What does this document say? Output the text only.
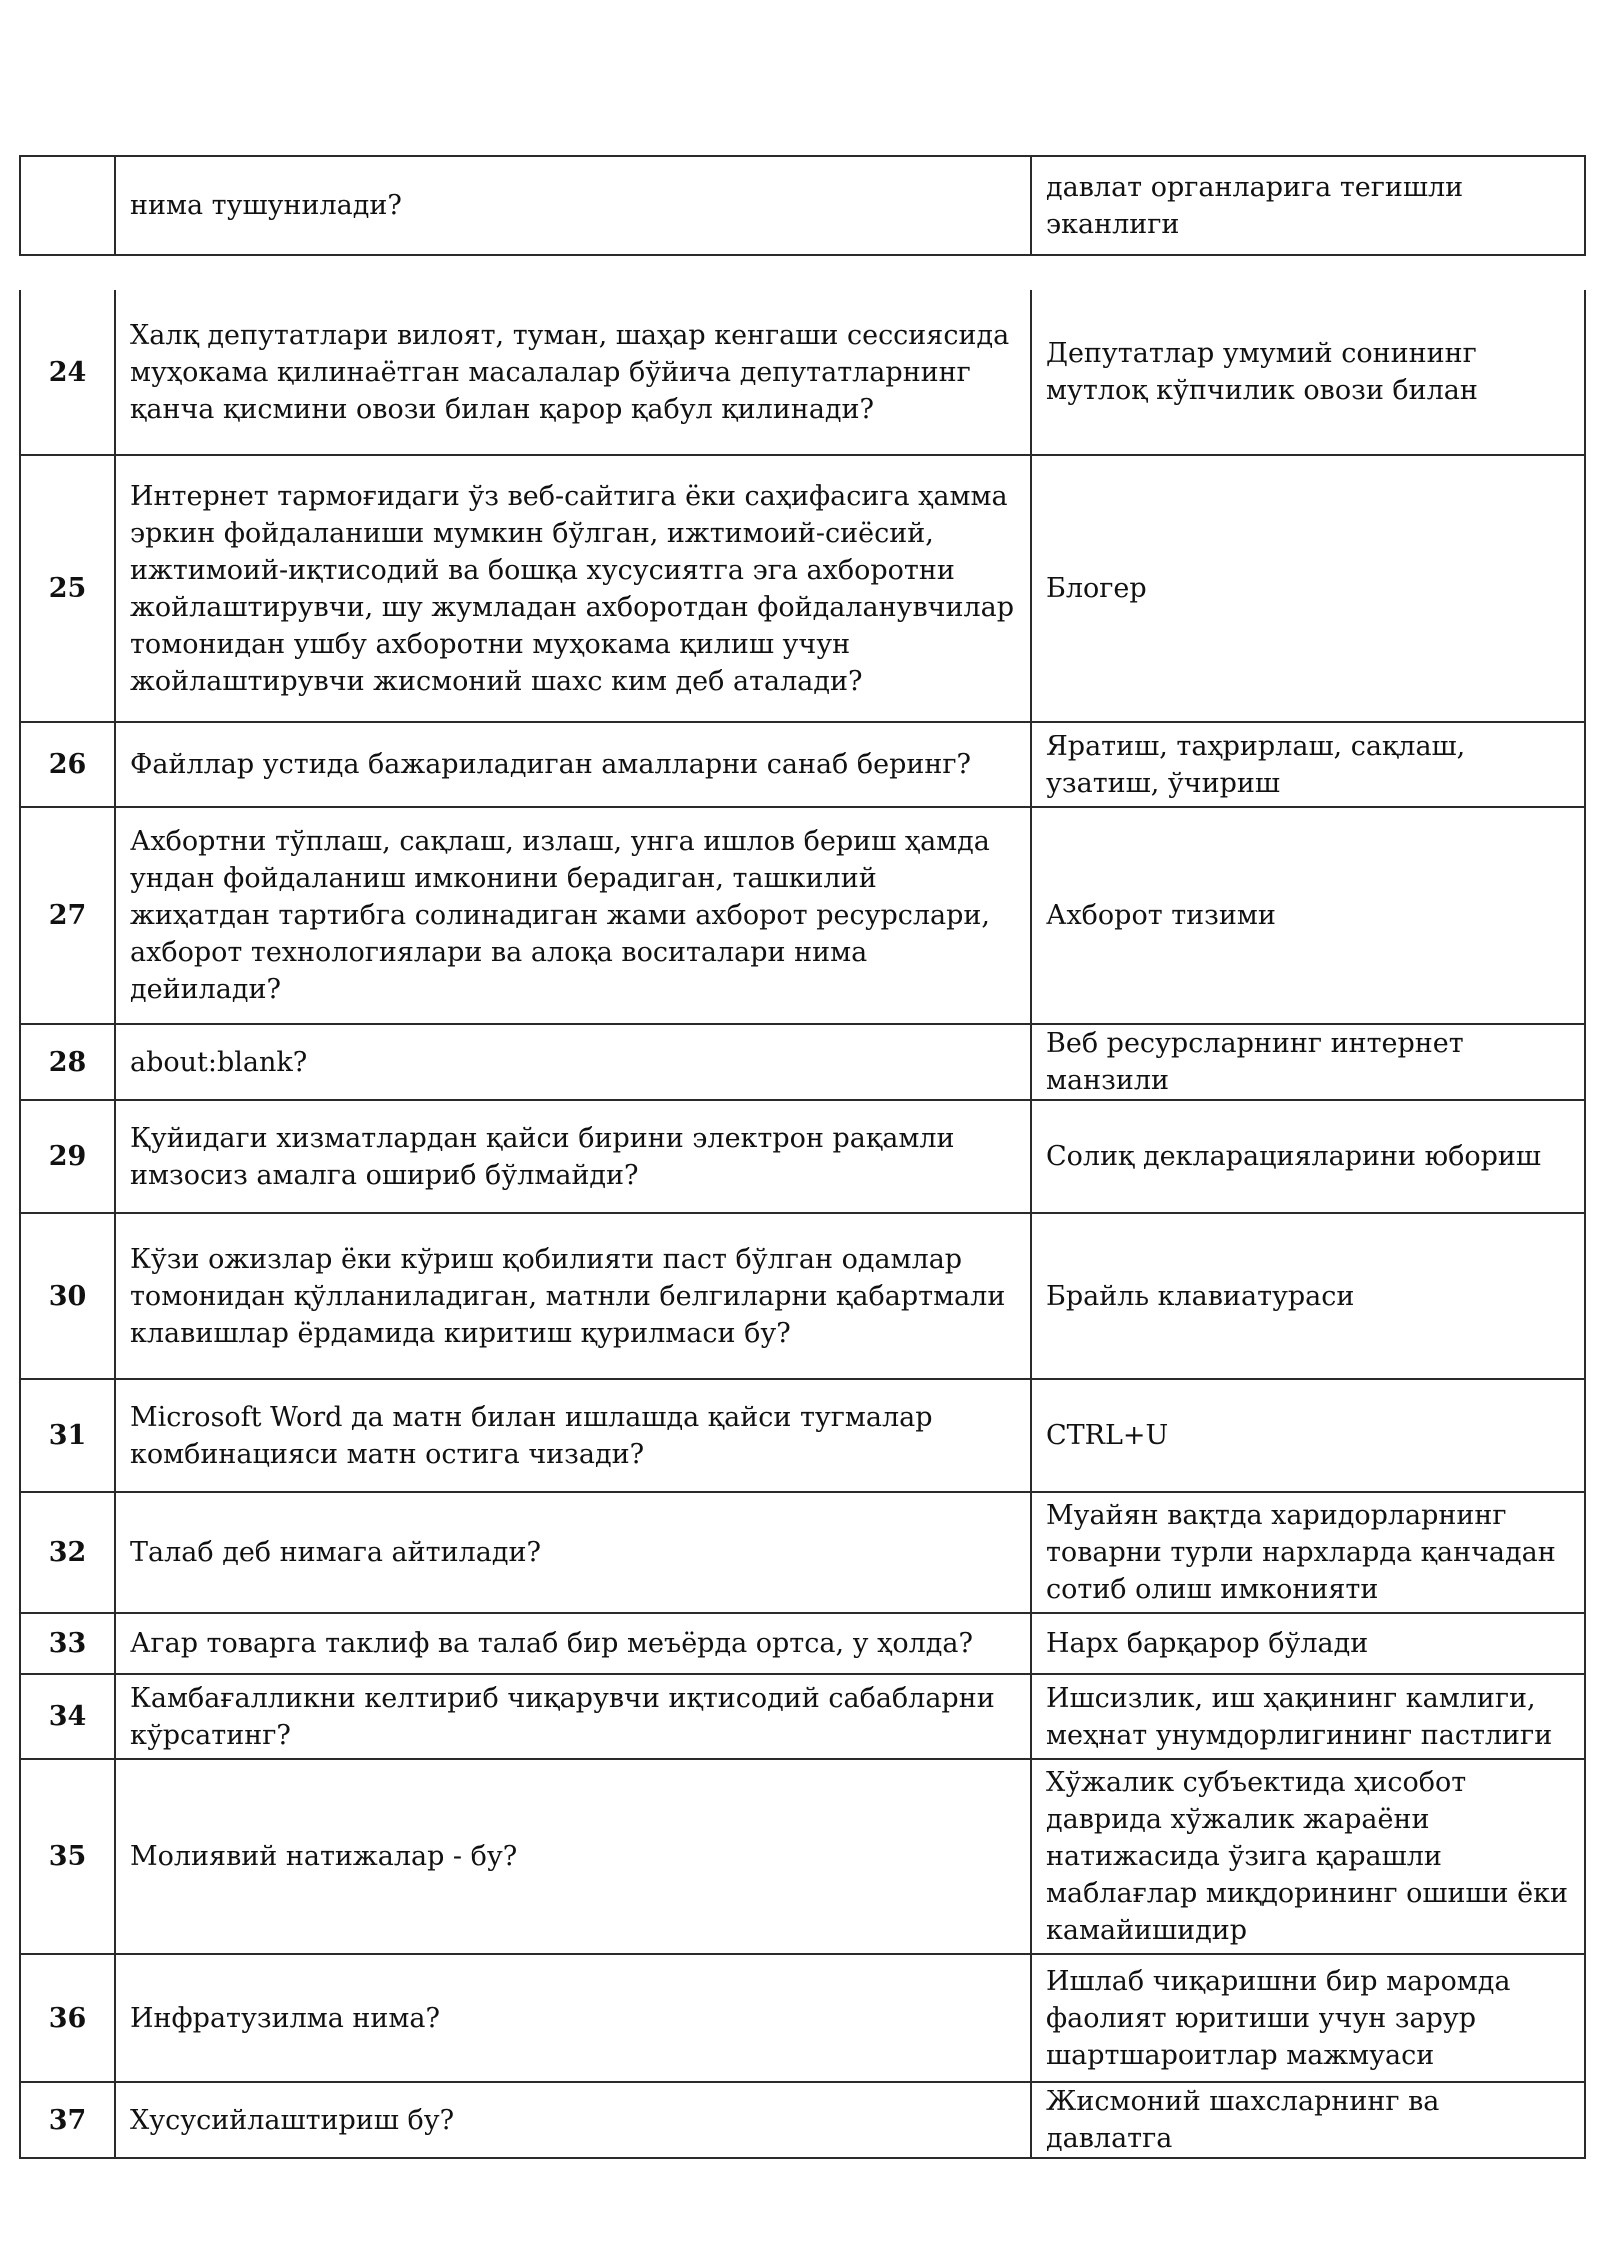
	нима тушунилади?	давлат органларига тегишли эканлиги
24	Халқ депутатлари вилоят, туман, шаҳар кенгаши сессиясида муҳокама қилинаётган масалалар бўйича депутатларнинг қанча қисмини овози билан қарор қабул қилинади?	Депутатлар умумий сонининг мутлоқ кўпчилик овози билан
25	Интернет тармоғидаги ўз веб-сайтига ёки саҳифасига ҳамма эркин фойдаланиши мумкин бўлган, ижтимоий-сиёсий, ижтимоий-иқтисодий ва бошқа хусусиятга эга ахборотни жойлаштирувчи, шу жумладан ахборотдан фойдаланувчилар томонидан ушбу ахборотни муҳокама қилиш учун жойлаштирувчи жисмоний шахс ким деб аталади?	Блогер
26	Файллар устида бажариладиган амалларни санаб беринг?	Яратиш, таҳрирлаш, сақлаш, узатиш, ўчириш
27	Ахбортни тўплаш, сақлаш, излаш, унга ишлов бериш ҳамда ундан фойдаланиш имконини берадиган, ташкилий жиҳатдан тартибга солинадиган жами ахборот ресурслари, ахборот технологиялари ва алоқа воситалари нима дейилади?	Ахборот тизими
28	about:blank?	Веб ресурсларнинг интернет манзили
29	Қуйидаги хизматлардан қайси бирини электрон рақамли имзосиз амалга ошириб бўлмайди?	Солиқ декларацияларини юбориш
30	Кўзи ожизлар ёки кўриш қобилияти паст бўлган одамлар томонидан қўлланиладиган, матнли белгиларни қабартмали клавишлар ёрдамида киритиш қурилмаси бу?	Брайль клавиатураси
31	Microsoft Word да матн билан ишлашда қайси тугмалар комбинацияси матн остига чизади?	CTRL+U
32	Талаб деб нимага айтилади?	Муайян вақтда харидорларнинг товарни турли нархларда қанчадан сотиб олиш имконияти
33	Агар товарга таклиф ва талаб бир меъёрда ортса, у ҳолда?	Нарх барқарор бўлади
34	Камбағалликни келтириб чиқарувчи иқтисодий сабабларни кўрсатинг?	Ишсизлик, иш ҳақининг камлиги, меҳнат унумдорлигининг пастлиги
35	Молиявий натижалар - бу?	Хўжалик субъектида ҳисобот даврида хўжалик жараёни натижасида ўзига қарашли маблағлар миқдорининг ошиши ёки камайишидир
36	Инфратузилма нима?	Ишлаб чиқаришни бир маромда фаолият юритиши учун зарур шартшароитлар мажмуаси
37	Хусусийлаштириш бу?	Жисмоний шахсларнинг ва давлатга
